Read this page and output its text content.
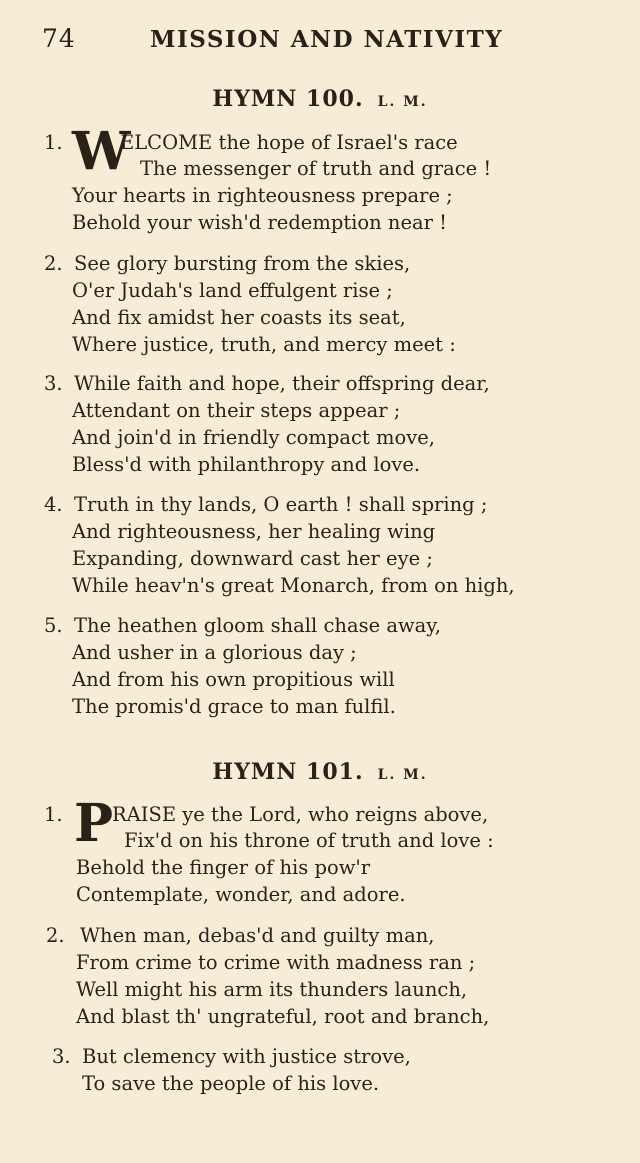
74	MISSION AND NATIVITY
HYMN 100. L. M.
1. W
ELCOME the hope of Israel's race
The messenger of truth and grace !
Your hearts in righteousness prepare ;
Behold your wish'd redemption near !
2. See glory bursting from the skies,
O'er Judah's land effulgent rise ;
And fix amidst her coasts its seat,
Where justice, truth, and mercy meet :
3. While faith and hope, their offspring dear,
Attendant on their steps appear ;
And join'd in friendly compact move,
Bless'd with philanthropy and love.
4. Truth in thy lands, O earth ! shall spring ;
And righteousness, her healing wing
Expanding, downward cast her eye ;
While heav'n's great Monarch, from on high,
5. The heathen gloom shall chase away,
And usher in a glorious day ;
And from his own propitious will
The promis'd grace to man fulfil.
HYMN 101. L. M.
1. P
RAISE ye the Lord, who reigns above,
Fix'd on his throne of truth and love :
Behold the finger of his pow'r
Contemplate, wonder, and adore.
2. When man, debas'd and guilty man,
From crime to crime with madness ran ;
Well might his arm its thunders launch,
And blast th' ungrateful, root and branch,
3. But clemency with justice strove,
To save the people of his love.
